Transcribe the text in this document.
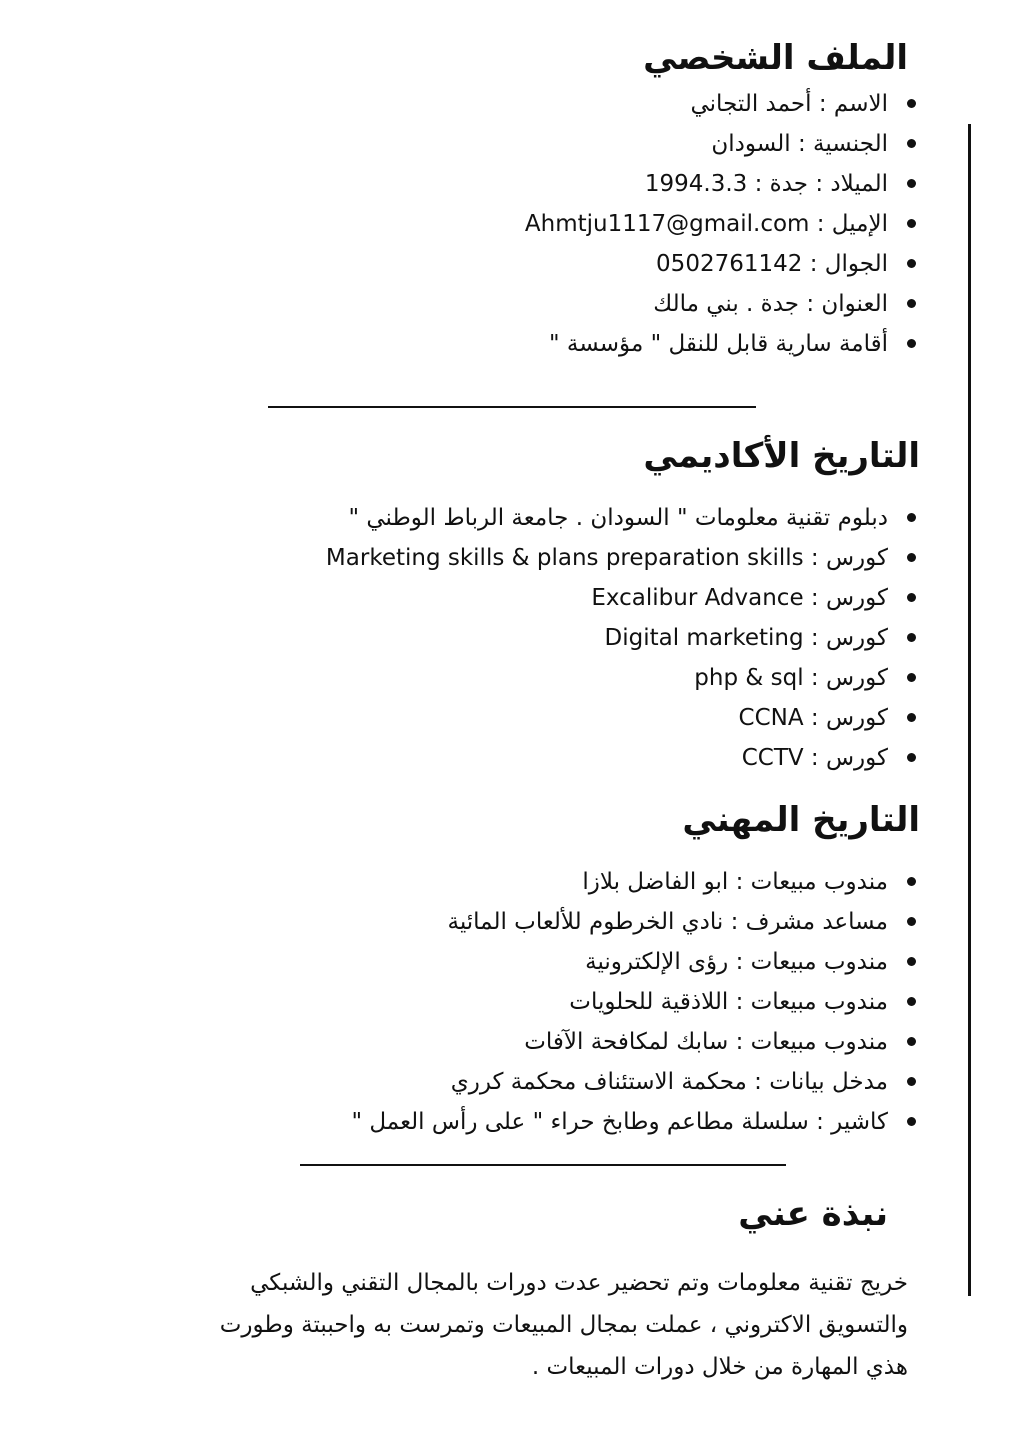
الملف الشخصي
الاسم : أحمد التجاني
الجنسية : السودان
الميلاد : جدة : 1994.3.3
الإميل : Ahmtju1117@gmail.com
الجوال : 0502761142
العنوان : جدة . بني مالك
أقامة سارية قابل للنقل " مؤسسة "
التاريخ الأكاديمي
دبلوم تقنية معلومات " السودان . جامعة الرباط الوطني "
كورس : Marketing skills & plans preparation skills
كورس : Excalibur Advance
كورس : Digital marketing
كورس : php & sql
كورس : CCNA
كورس : CCTV
التاريخ المهني
مندوب مبيعات : ابو الفاضل بلازا
مساعد مشرف : نادي الخرطوم للألعاب المائية
مندوب مبيعات : رؤى الإلكترونية
مندوب مبيعات : اللاذقية للحلويات
مندوب مبيعات : سابك لمكافحة الآفات
مدخل بيانات : محكمة الاستئناف محكمة كرري
كاشير : سلسلة مطاعم وطابخ حراء " على رأس العمل "
نبذة عني

خريج تقنية معلومات وتم تحضير عدت دورات بالمجال التقني والشبكي

والتسويق الاكتروني ، عملت بمجال المبيعات وتمرست به واحببتة وطورت

هذي المهارة من خلال دورات المبيعات .
